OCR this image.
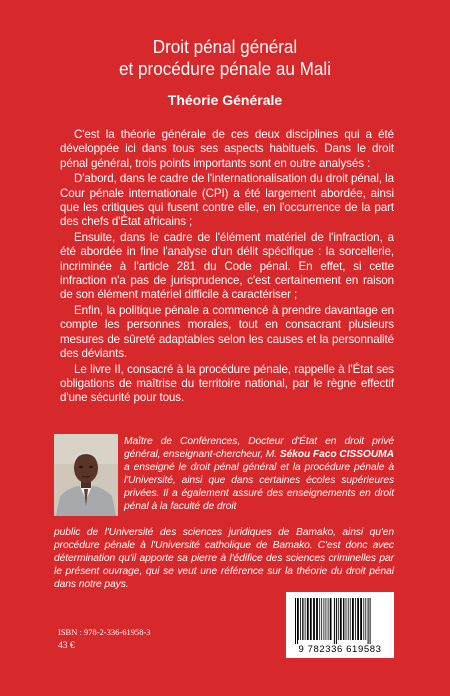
Droit pénal général
et procédure pénale au Mali
Théorie Générale

C'est la théorie générale de ces deux disciplines qui a été développée ici dans tous ses aspects habituels. Dans le droit pénal général, trois points importants sont en outre analysés :

D'abord, dans le cadre de l'internationalisation du droit pénal, la Cour pénale internationale (CPI) a été largement abordée, ainsi que les critiques qui fusent contre elle, en l'occurrence de la part des chefs d'État africains ;

Ensuite, dans le cadre de l'élément matériel de l'infraction, a été abordée in fine l'analyse d'un délit spécifique : la sorcellerie, incriminée à l'article 281 du Code pénal. En effet, si cette infraction n'a pas de jurisprudence, c'est certainement en raison de son élément matériel difficile à caractériser ;

Enfin, la politique pénale a commencé à prendre davantage en compte les personnes morales, tout en consacrant plusieurs mesures de sûreté adaptables selon les causes et la personnalité des déviants.

Le livre II, consacré à la procédure pénale, rappelle à l'État ses obligations de maîtrise du territoire national, par le règne effectif d'une sécurité pour tous.

Maître de Conférences, Docteur d'État en droit privé général, enseignant-chercheur, M. Sékou Faco CISSOUMA a enseigné le droit pénal général et la procédure pénale à l'Université, ainsi que dans certaines écoles supérieures privées. Il a également assuré des enseignements en droit pénal à la faculté de droit

public de l'Université des sciences juridiques de Bamako, ainsi qu'en procédure pénale à l'Université catholique de Bamako. C'est donc avec détermination qu'il apporte sa pierre à l'édifice des sciences criminelles par le présent ouvrage, qui se veut une référence sur la théorie du droit pénal dans notre pays.

ISBN : 978-2-336-61958-3
43 €	9 782336 619583
